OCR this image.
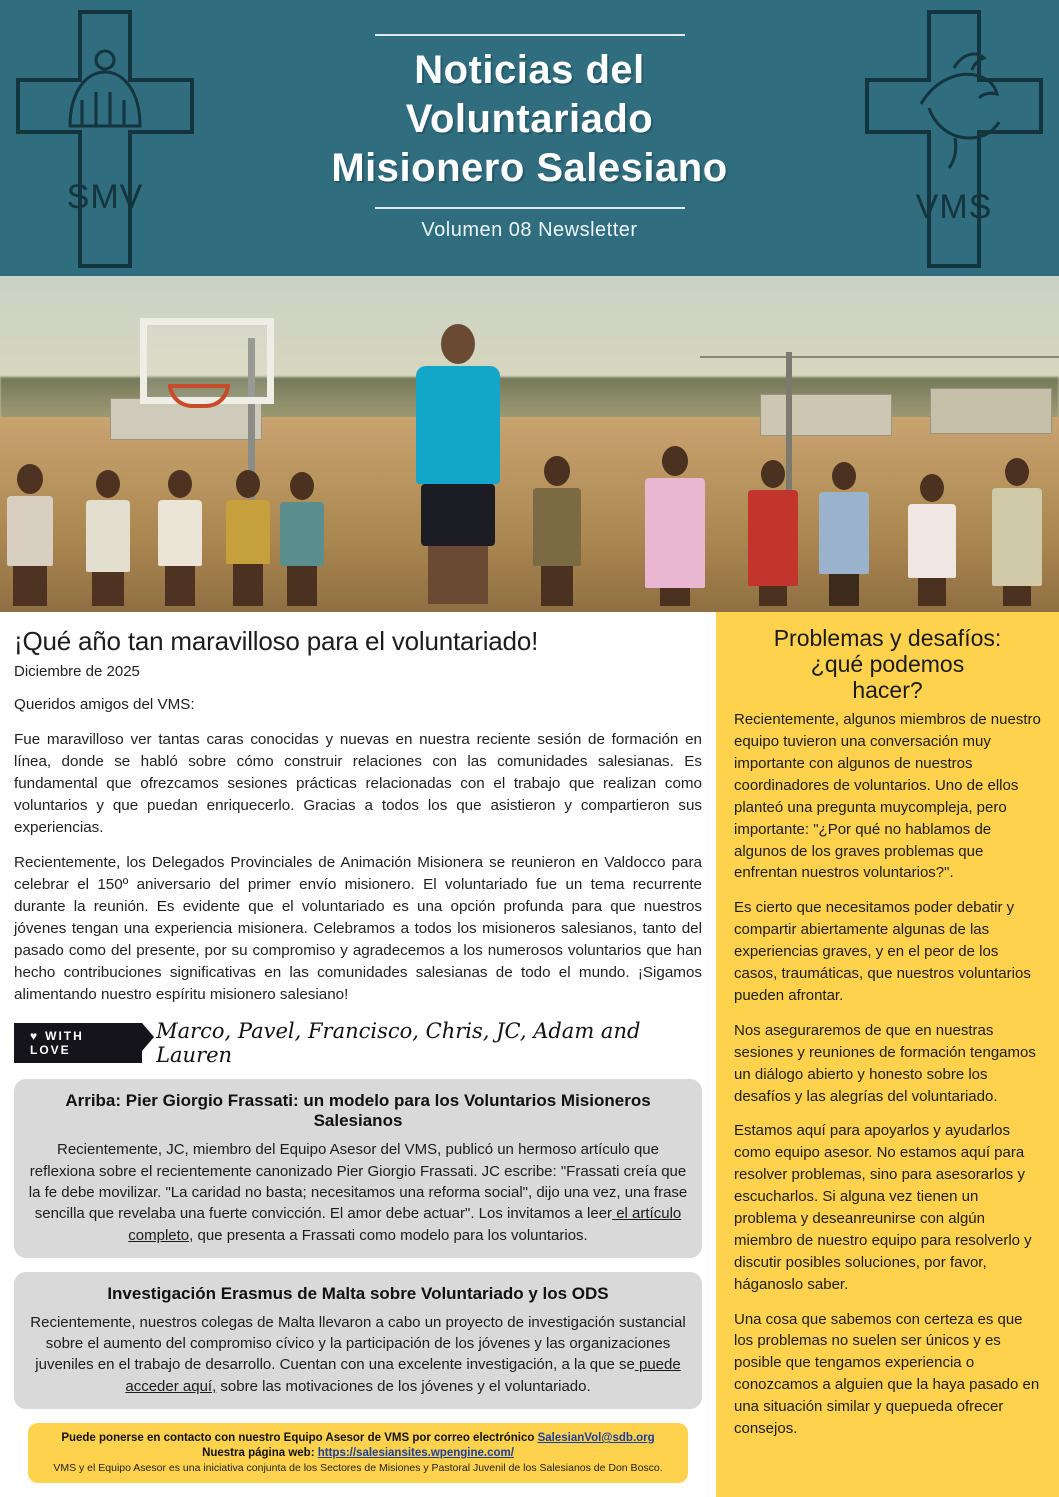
SMV
Noticias del
Voluntariado
Misionero Salesiano
Volumen 08 Newsletter
VMS
¡Qué año tan maravilloso para el voluntariado!
Diciembre de 2025

Queridos amigos del VMS:

Fue maravilloso ver tantas caras conocidas y nuevas en nuestra reciente sesión de formación en línea, donde se habló sobre cómo construir relaciones con las comunidades salesianas. Es fundamental que ofrezcamos sesiones prácticas relacionadas con el trabajo que realizan como voluntarios y que puedan enriquecerlo. Gracias a todos los que asistieron y compartieron sus experiencias.

Recientemente, los Delegados Provinciales de Animación Misionera se reunieron en Valdocco para celebrar el 150º aniversario del primer envío misionero. El voluntariado fue un tema recurrente durante la reunión. Es evidente que el voluntariado es una opción profunda para que nuestros jóvenes tengan una experiencia misionera. Celebramos a todos los misioneros salesianos, tanto del pasado como del presente, por su compromiso y agradecemos a los numerosos voluntarios que han hecho contribuciones significativas en las comunidades salesianas de todo el mundo. ¡Sigamos alimentando nuestro espíritu misionero salesiano!

♥ WITH LOVE
Marco, Pavel, Francisco, Chris, JC, Adam and Lauren
Arriba: Pier Giorgio Frassati: un modelo para los Voluntarios Misioneros Salesianos

Recientemente, JC, miembro del Equipo Asesor del VMS, publicó un hermoso artículo que reflexiona sobre el recientemente canonizado Pier Giorgio Frassati. JC escribe: "Frassati creía que la fe debe movilizar. "La caridad no basta; necesitamos una reforma social", dijo una vez, una frase sencilla que revelaba una fuerte convicción. El amor debe actuar". Los invitamos a leer el artículo completo, que presenta a Frassati como modelo para los voluntarios.

Investigación Erasmus de Malta sobre Voluntariado y los ODS

Recientemente, nuestros colegas de Malta llevaron a cabo un proyecto de investigación sustancial sobre el aumento del compromiso cívico y la participación de los jóvenes y las organizaciones juveniles en el trabajo de desarrollo. Cuentan con una excelente investigación, a la que se puede acceder aquí, sobre las motivaciones de los jóvenes y el voluntariado.

Puede ponerse en contacto con nuestro Equipo Asesor de VMS por correo electrónico SalesianVol@sdb.org
Nuestra página web: https://salesiansites.wpengine.com/
VMS y el Equipo Asesor es una iniciativa conjunta de los Sectores de Misiones y Pastoral Juvenil de los Salesianos de Don Bosco.
Problemas y desafíos:
¿qué podemos
hacer?

Recientemente, algunos miembros de nuestro equipo tuvieron una conversación muy importante con algunos de nuestros coordinadores de voluntarios. Uno de ellos planteó una pregunta muycompleja, pero importante: "¿Por qué no hablamos de algunos de los graves problemas que enfrentan nuestros voluntarios?".

Es cierto que necesitamos poder debatir y compartir abiertamente algunas de las experiencias graves, y en el peor de los casos, traumáticas, que nuestros voluntarios pueden afrontar.

Nos aseguraremos de que en nuestras sesiones y reuniones de formación tengamos un diálogo abierto y honesto sobre los desafíos y las alegrías del voluntariado.

Estamos aquí para apoyarlos y ayudarlos como equipo asesor. No estamos aquí para resolver problemas, sino para asesorarlos y escucharlos. Si alguna vez tienen un problema y deseanreunirse con algún miembro de nuestro equipo para resolverlo y discutir posibles soluciones, por favor, háganoslo saber.

Una cosa que sabemos con certeza es que los problemas no suelen ser únicos y es posible que tengamos experiencia o conozcamos a alguien que la haya pasado en una situación similar y quepueda ofrecer consejos.
